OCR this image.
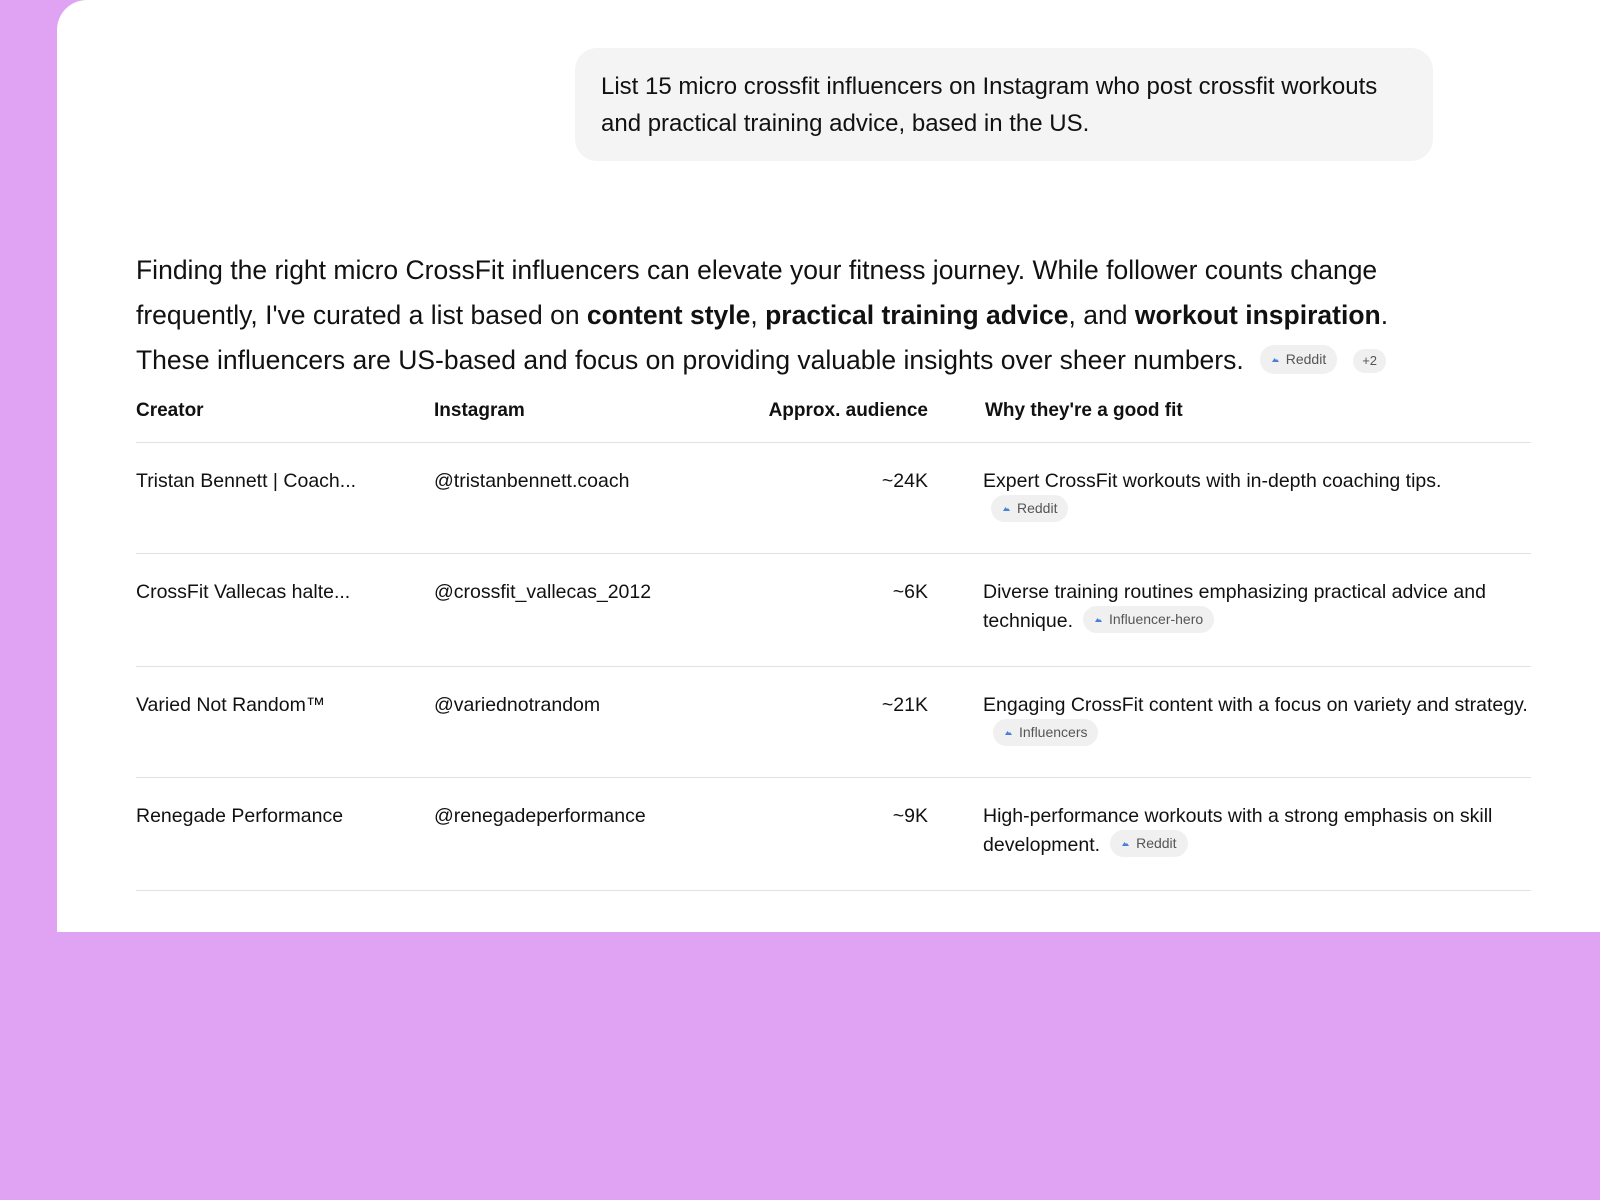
List 15 micro crossfit influencers on Instagram who post crossfit workouts and practical training advice, based in the US.
Finding the right micro CrossFit influencers can elevate your fitness journey. While follower counts change frequently, I've curated a list based on content style, practical training advice, and workout inspiration. These influencers are US-based and focus on providing valuable insights over sheer numbers.	Reddit	+2
Creator	Instagram	Approx. audience	Why they're a good fit
Tristan Bennett | Coach...	@tristanbennett.coach	~24K	Expert CrossFit workouts with in-depth coaching tips.

Reddit

CrossFit Vallecas halte...	@crossfit_vallecas_2012	~6K	Diverse training routines emphasizing practical advice and technique. Influencer-hero

Varied Not Random™	@variednotrandom	~21K	Engaging CrossFit content with a focus on variety and strategy.
Influencers

Renegade Performance	@renegadeperformance	~9K	High-performance workouts with a strong emphasis on skill development. Reddit
